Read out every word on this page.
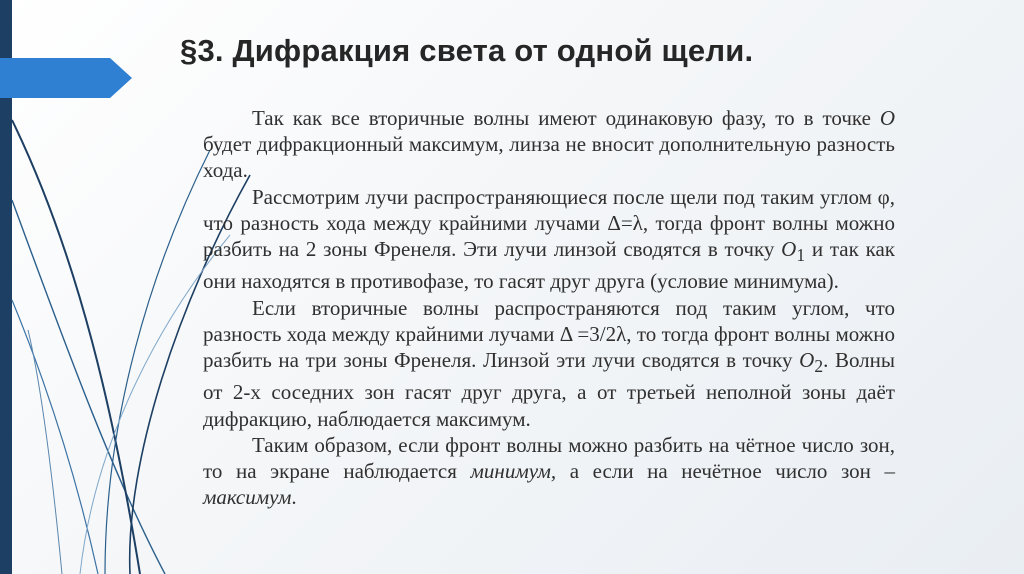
§3. Дифракция света от одной щели.

Так как все вторичные волны имеют одинаковую фазу, то в точке O будет дифракционный максимум, линза не вносит дополнительную разность хода.

Рассмотрим лучи распространяющиеся после щели под таким углом φ, что разность хода между крайними лучами Δ=λ, тогда фронт волны можно разбить на 2 зоны Френеля. Эти лучи линзой сводятся в точку $O_1$ и так как они находятся в противофазе, то гасят друг друга (условие минимума).

Если вторичные волны распространяются под таким углом, что разность хода между крайними лучами Δ =3/2λ, то тогда фронт волны можно разбить на три зоны Френеля. Линзой эти лучи сводятся в точку $O_2$. Волны от 2-х соседних зон гасят друг друга, а от третьей неполной зоны даёт дифракцию, наблюдается максимум.

Таким образом, если фронт волны можно разбить на чётное число зон, то на экране наблюдается минимум, а если на нечётное число зон – максимум.
